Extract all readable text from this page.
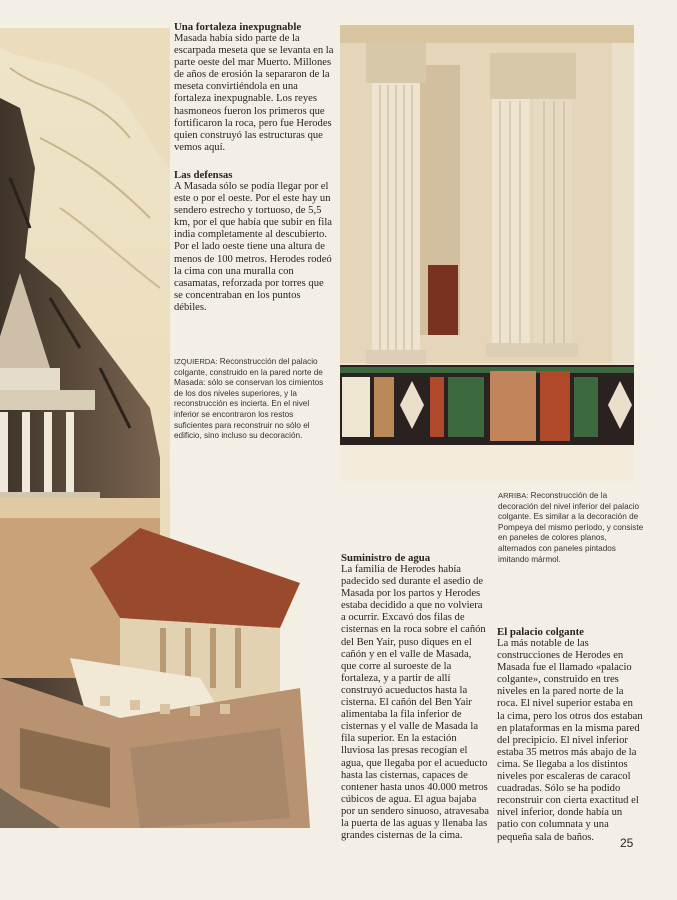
Una fortaleza inexpugnable

Masada había sido parte de la escarpada meseta que se levanta en la parte oeste del mar Muerto. Millones de años de erosión la separaron de la meseta convirtiéndola en una fortaleza inexpugnable. Los reyes hasmoneos fueron los primeros que fortificaron la roca, pero fue Herodes quien construyó las estructuras que vemos aquí.

Las defensas

A Masada sólo se podía llegar por el este o por el oeste. Por el este hay un sendero estrecho y tortuoso, de 5,5 km, por el que había que subir en fila india completamente al descubierto. Por el lado oeste tiene una altura de menos de 100 metros. Herodes rodeó la cima con una muralla con casamatas, reforzada por torres que se concentraban en los puntos débiles.

IZQUIERDA: Reconstrucción del palacio colgante, construido en la pared norte de Masada: sólo se conservan los cimientos de los dos niveles superiores, y la reconstrucción es incierta. En el nivel inferior se encontraron los restos suficientes para reconstruir no sólo el edificio, sino incluso su decoración.

ARRIBA: Reconstrucción de la decoración del nivel inferior del palacio colgante. Es similar a la decoración de Pompeya del mismo período, y consiste en paneles de colores planos, alternados con paneles pintados imitando mármol.

Suministro de agua

La familia de Herodes había padecido sed durante el asedio de Masada por los partos y Herodes estaba decidido a que no volviera a ocurrir. Excavó dos filas de cisternas en la roca sobre el cañón del Ben Yair, puso diques en el cañón y en el valle de Masada, que corre al suroeste de la fortaleza, y a partir de allí construyó acueductos hasta la cisterna. El cañón del Ben Yair alimentaba la fila inferior de cisternas y el valle de Masada la fila superior. En la estación lluviosa las presas recogían el agua, que llegaba por el acueducto hasta las cisternas, capaces de contener hasta unos 40.000 metros cúbicos de agua. El agua bajaba por un sendero sinuoso, atravesaba la puerta de las aguas y llenaba las grandes cisternas de la cima.

El palacio colgante

La más notable de las construcciones de Herodes en Masada fue el llamado «palacio colgante», construido en tres niveles en la pared norte de la roca. El nivel superior estaba en la cima, pero los otros dos estaban en plataformas en la misma pared del precipicio. El nivel inferior estaba 35 metros más abajo de la cima. Se llegaba a los distintos niveles por escaleras de caracol cuadradas. Sólo se ha podido reconstruir con cierta exactitud el nivel inferior, donde había un patio con columnata y una pequeña sala de baños.	25
